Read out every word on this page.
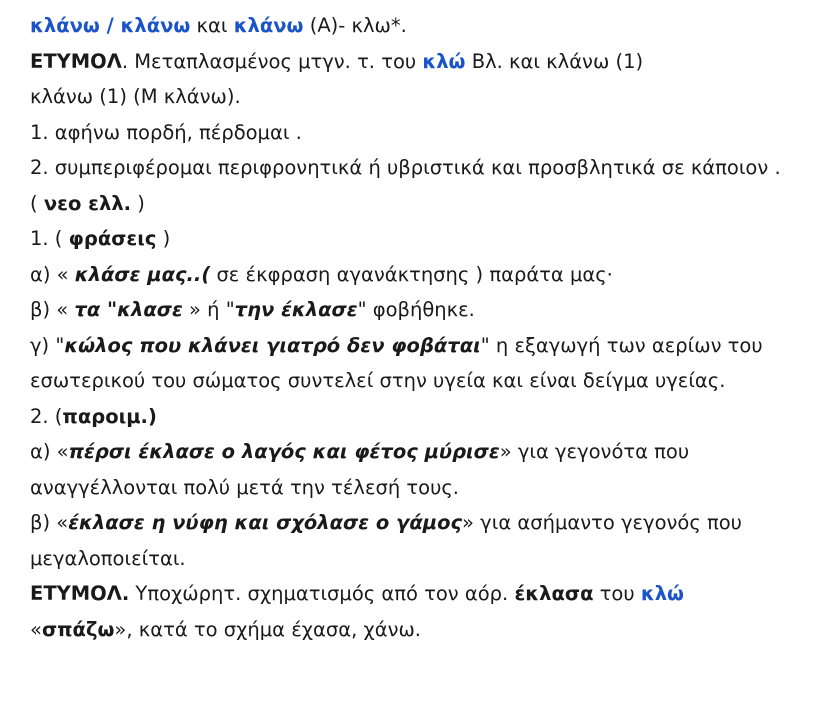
κλάνω / κλάνω και κλάνω (Α)- κλω*.
ΕΤΥΜΟΛ. Μεταπλασμένος μτγν. τ. του κλώ Βλ. και κλάνω (1)
κλάνω (1) (Μ κλάνω).
1. αφήνω πορδή, πέρδομαι .
2. συμπεριφέρομαι περιφρονητικά ή υβριστικά και προσβλητικά σε κάποιον .
( νεο ελλ. )
1. ( φράσεις )
α) « κλάσε μας..( σε έκφραση αγανάκτησης ) παράτα μας·
β) « τα "κλασε » ή "την έκλασε" φοβήθηκε.
γ) "κώλος που κλάνει γιατρό δεν φοβάται" η εξαγωγή των αερίων του εσωτερικού του σώματος συντελεί στην υγεία και είναι δείγμα υγείας.
2. (παροιμ.)
α) «πέρσι έκλασε ο λαγός και φέτος μύρισε» για γεγονότα που αναγγέλλονται πολύ μετά την τέλεσή τους.
β) «έκλασε η νύφη και σχόλασε ο γάμος» για ασήμαντο γεγονός που μεγαλοποιείται.
ΕΤΥΜΟΛ. Υποχώρητ. σχηματισμός από τον αόρ. έκλασα του κλώ
«σπάζω», κατά το σχήμα έχασα, χάνω.
